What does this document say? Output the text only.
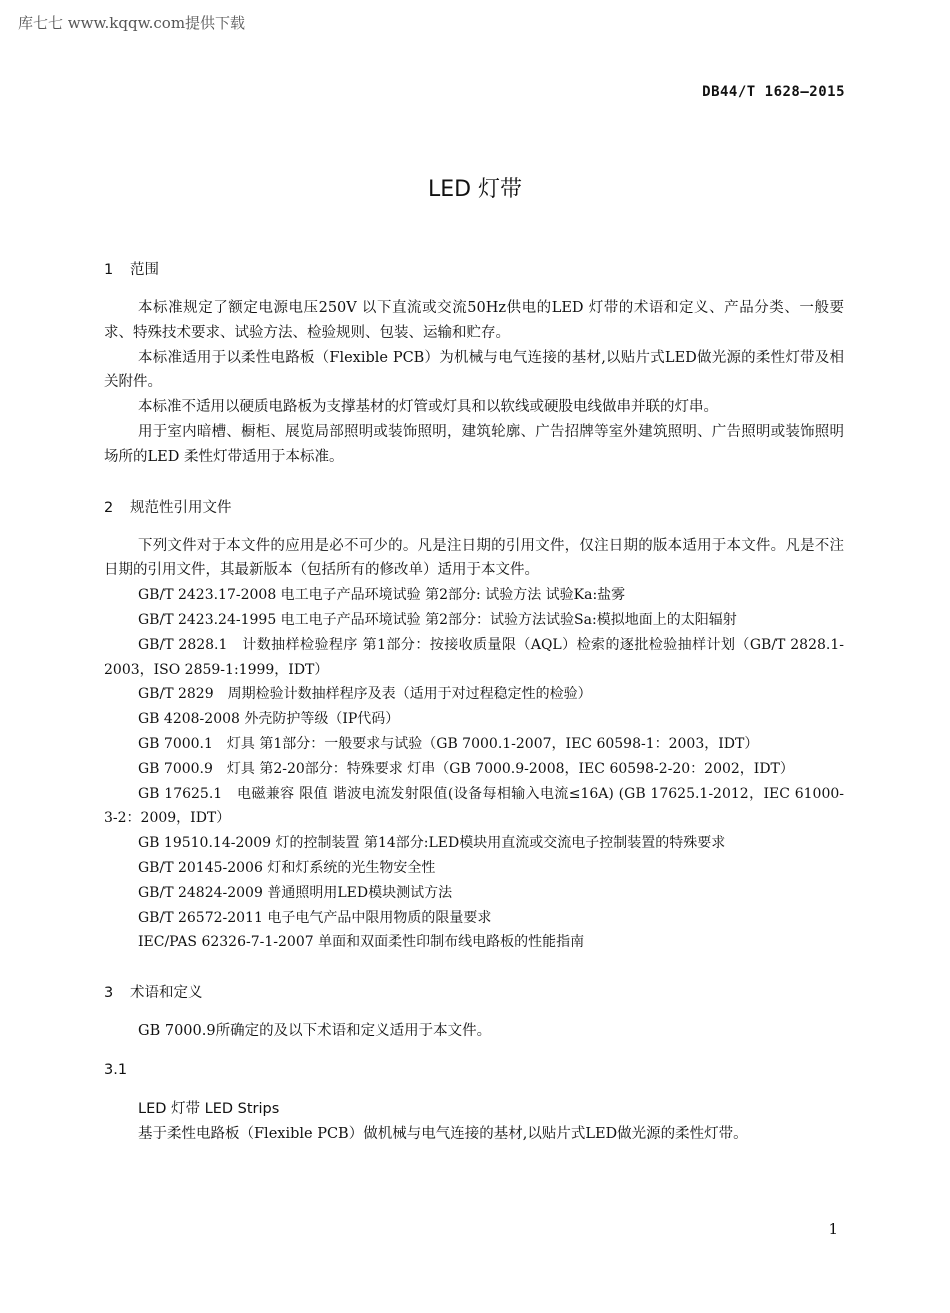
库七七 www.kqqw.com提供下载
DB44/T 1628—2015
LED 灯带

1 范围

本标准规定了额定电源电压250V 以下直流或交流50Hz供电的LED 灯带的术语和定义、产品分类、一般要求、特殊技术要求、试验方法、检验规则、包装、运输和贮存。

本标准适用于以柔性电路板（Flexible PCB）为机械与电气连接的基材,以贴片式LED做光源的柔性灯带及相关附件。

本标准不适用以硬质电路板为支撑基材的灯管或灯具和以软线或硬股电线做串并联的灯串。

用于室内暗槽、橱柜、展览局部照明或装饰照明，建筑轮廓、广告招牌等室外建筑照明、广告照明或装饰照明场所的LED 柔性灯带适用于本标准。

2 规范性引用文件

下列文件对于本文件的应用是必不可少的。凡是注日期的引用文件，仅注日期的版本适用于本文件。凡是不注日期的引用文件，其最新版本（包括所有的修改单）适用于本文件。

GB/T 2423.17-2008 电工电子产品环境试验 第2部分: 试验方法 试验Ka:盐雾

GB/T 2423.24-1995 电工电子产品环境试验 第2部分：试验方法试验Sa:模拟地面上的太阳辐射

GB/T 2828.1　计数抽样检验程序 第1部分：按接收质量限（AQL）检索的逐批检验抽样计划（GB/T 2828.1-2003，ISO 2859-1:1999，IDT）

GB/T 2829　周期检验计数抽样程序及表（适用于对过程稳定性的检验）

GB 4208-2008 外壳防护等级（IP代码）

GB 7000.1　灯具 第1部分：一般要求与试验（GB 7000.1-2007，IEC 60598-1：2003，IDT）

GB 7000.9　灯具 第2-20部分：特殊要求 灯串（GB 7000.9-2008，IEC 60598-2-20：2002，IDT）

GB 17625.1　电磁兼容 限值 谐波电流发射限值(设备每相输入电流≤16A) (GB 17625.1-2012，IEC 61000-3-2：2009，IDT）

GB 19510.14-2009 灯的控制装置 第14部分:LED模块用直流或交流电子控制装置的特殊要求

GB/T 20145-2006 灯和灯系统的光生物安全性

GB/T 24824-2009 普通照明用LED模块测试方法

GB/T 26572-2011 电子电气产品中限用物质的限量要求

IEC/PAS 62326-7-1-2007 单面和双面柔性印制布线电路板的性能指南

3 术语和定义

GB 7000.9所确定的及以下术语和定义适用于本文件。

3.1

LED 灯带 LED Strips

基于柔性电路板（Flexible PCB）做机械与电气连接的基材,以贴片式LED做光源的柔性灯带。

1
